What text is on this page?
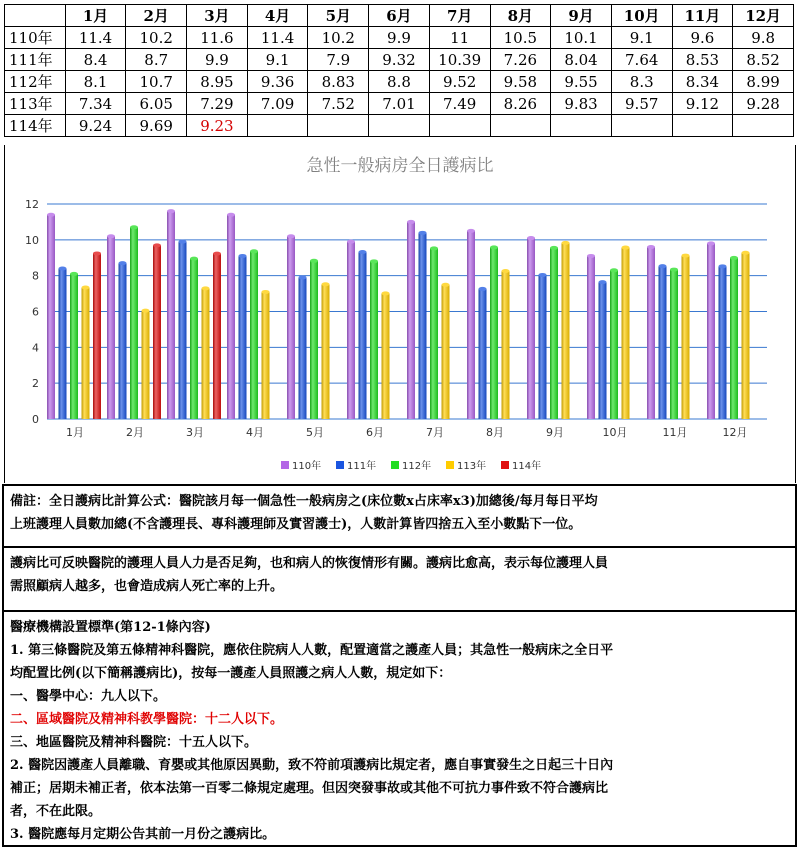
	1月	2月	3月	4月	5月	6月	7月	8月	9月	10月	11月	12月
110年	11.4	10.2	11.6	11.4	10.2	9.9	11	10.5	10.1	9.1	9.6	9.8
111年	8.4	8.7	9.9	9.1	7.9	9.32	10.39	7.26	8.04	7.64	8.53	8.52
112年	8.1	10.7	8.95	9.36	8.83	8.8	9.52	9.58	9.55	8.3	8.34	8.99
113年	7.34	6.05	7.29	7.09	7.52	7.01	7.49	8.26	9.83	9.57	9.12	9.28
114年	9.24	9.69	9.23									
急性一般病房全日護病比
0
2
4
6
8
10
12
1月	2月	3月	4月	5月	6月	7月	8月	9月	10月	11月	12月
110年	111年	112年	113年	114年

備註：全日護病比計算公式：醫院該月每一個急性一般病房之(床位數x占床率x3)加總後/每月每日平均

上班護理人員數加總(不含護理長、專科護理師及實習護士)，人數計算皆四捨五入至小數點下一位。

護病比可反映醫院的護理人員人力是否足夠，也和病人的恢復情形有關。護病比愈高，表示每位護理人員

需照顧病人越多，也會造成病人死亡率的上升。

醫療機構設置標準(第12-1條內容)

1. 第三條醫院及第五條精神科醫院，應依住院病人人數，配置適當之護產人員；其急性一般病床之全日平

均配置比例(以下簡稱護病比)，按每一護產人員照護之病人人數，規定如下：

一、醫學中心：九人以下。

二、區域醫院及精神科教學醫院：十二人以下。

三、地區醫院及精神科醫院：十五人以下。

2. 醫院因護產人員離職、育嬰或其他原因異動，致不符前項護病比規定者，應自事實發生之日起三十日內

補正；居期未補正者，依本法第一百零二條規定處理。但因突發事故或其他不可抗力事件致不符合護病比

者，不在此限。

3. 醫院應每月定期公告其前一月份之護病比。
